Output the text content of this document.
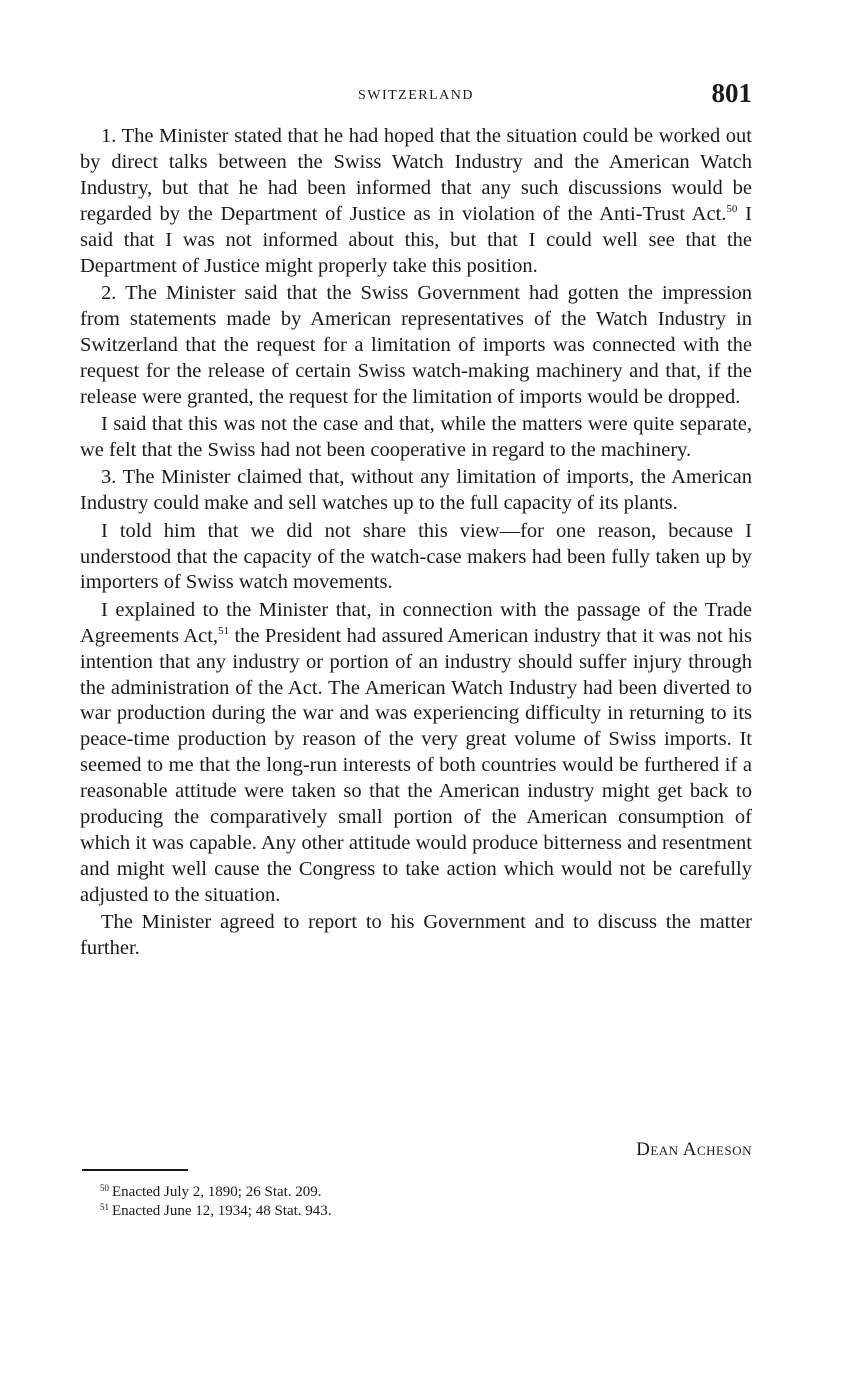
SWITZERLAND	801

1. The Minister stated that he had hoped that the situation could be worked out by direct talks between the Swiss Watch Industry and the American Watch Industry, but that he had been informed that any such discussions would be regarded by the Department of Justice as in violation of the Anti-Trust Act.$^{50}$ I said that I was not informed about this, but that I could well see that the Department of Justice might properly take this position.

2. The Minister said that the Swiss Government had gotten the impression from statements made by American representatives of the Watch Industry in Switzerland that the request for a limitation of imports was connected with the request for the release of certain Swiss watch-making machinery and that, if the release were granted, the request for the limitation of imports would be dropped.

I said that this was not the case and that, while the matters were quite separate, we felt that the Swiss had not been cooperative in regard to the machinery.

3. The Minister claimed that, without any limitation of imports, the American Industry could make and sell watches up to the full capacity of its plants.

I told him that we did not share this view—for one reason, because I understood that the capacity of the watch-case makers had been fully taken up by importers of Swiss watch movements.

I explained to the Minister that, in connection with the passage of the Trade Agreements Act,$^{51}$ the President had assured American industry that it was not his intention that any industry or portion of an industry should suffer injury through the administration of the Act. The American Watch Industry had been diverted to war production during the war and was experiencing difficulty in returning to its peace-time production by reason of the very great volume of Swiss imports. It seemed to me that the long-run interests of both countries would be furthered if a reasonable attitude were taken so that the American industry might get back to producing the comparatively small portion of the American consumption of which it was capable. Any other attitude would produce bitterness and resentment and might well cause the Congress to take action which would not be carefully adjusted to the situation.

The Minister agreed to report to his Government and to discuss the matter further.

Dean Acheson
$^{50}$ Enacted July 2, 1890; 26 Stat. 209.
$^{51}$ Enacted June 12, 1934; 48 Stat. 943.
